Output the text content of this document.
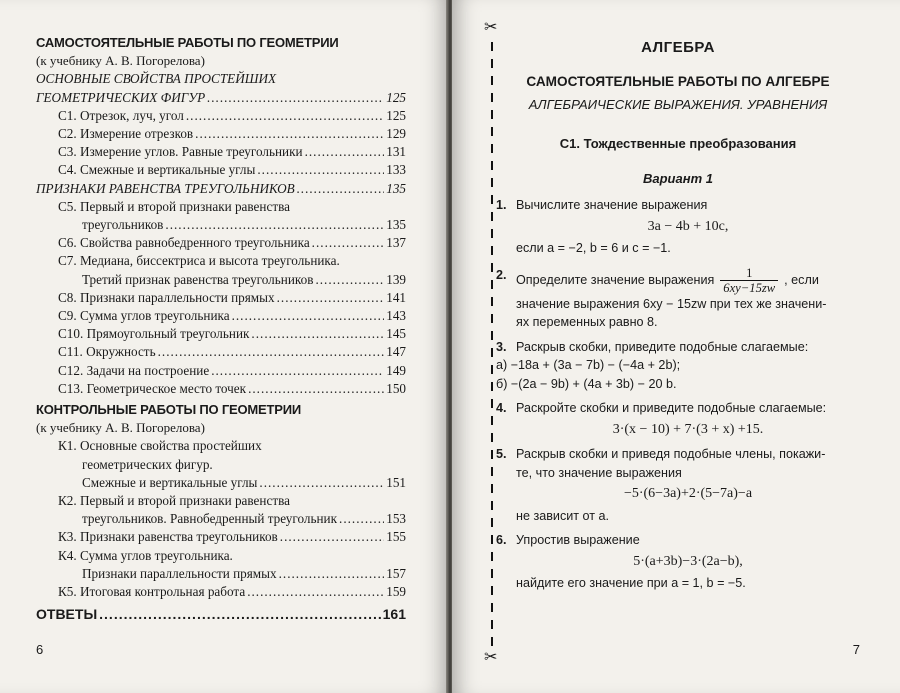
САМОСТОЯТЕЛЬНЫЕ РАБОТЫ ПО ГЕОМЕТРИИ
(к учебнику А. В. Погорелова)
ОСНОВНЫЕ СВОЙСТВА ПРОСТЕЙШИХ
ГЕОМЕТРИЧЕСКИХ ФИГУР .....	125
С1. Отрезок, луч, угол .....	125
С2. Измерение отрезков .....	129
С3. Измерение углов. Равные треугольники .....	131
С4. Смежные и вертикальные углы .....	133
ПРИЗНАКИ РАВЕНСТВА ТРЕУГОЛЬНИКОВ .....	135
С5. Первый и второй признаки равенства
треугольников .....	135
С6. Свойства равнобедренного треугольника .....	137
С7. Медиана, биссектриса и высота треугольника.
Третий признак равенства треугольников .....	139
С8. Признаки параллельности прямых .....	141
С9. Сумма углов треугольника .....	143
С10. Прямоугольный треугольник .....	145
С11. Окружность .....	147
С12. Задачи на построение .....	149
С13. Геометрическое место точек .....	150
КОНТРОЛЬНЫЕ РАБОТЫ ПО ГЕОМЕТРИИ
(к учебнику А. В. Погорелова)
К1. Основные свойства простейших
геометрических фигур.
Смежные и вертикальные углы .....	151
К2. Первый и второй признаки равенства
треугольников. Равнобедренный треугольник .....	153
К3. Признаки равенства треугольников .....	155
К4. Сумма углов треугольника.
Признаки параллельности прямых .....	157
К5. Итоговая контрольная работа .....	159
ОТВЕТЫ .....	161
6
✂
✂
АЛГЕБРА
САМОСТОЯТЕЛЬНЫЕ РАБОТЫ ПО АЛГЕБРЕ
АЛГЕБРАИЧЕСКИЕ ВЫРАЖЕНИЯ. УРАВНЕНИЯ
С1. Тождественные преобразования
Вариант 1
1. Вычислите значение выражения
3a − 4b + 10c,
если a = −2, b = 6 и c = −1.
2. Определите значение выражения $\frac{1}{6xy-15zw}$ , если
значение выражения 6xy − 15zw при тех же значени-
ях переменных равно 8.
3. Раскрыв скобки, приведите подобные слагаемые:
а) −18a + (3a − 7b) − (−4a + 2b);
б) −(2a − 9b) + (4a + 3b) − 20 b.
4. Раскройте скобки и приведите подобные слагаемые:
3·(x − 10) + 7·(3 + x) +15.
5. Раскрыв скобки и приведя подобные члены, покажи-
те, что значение выражения
−5·(6−3a)+2·(5−7a)−a
не зависит от a.
6. Упростив выражение
5·(a+3b)−3·(2a−b),
найдите его значение при a = 1, b = −5.
7
